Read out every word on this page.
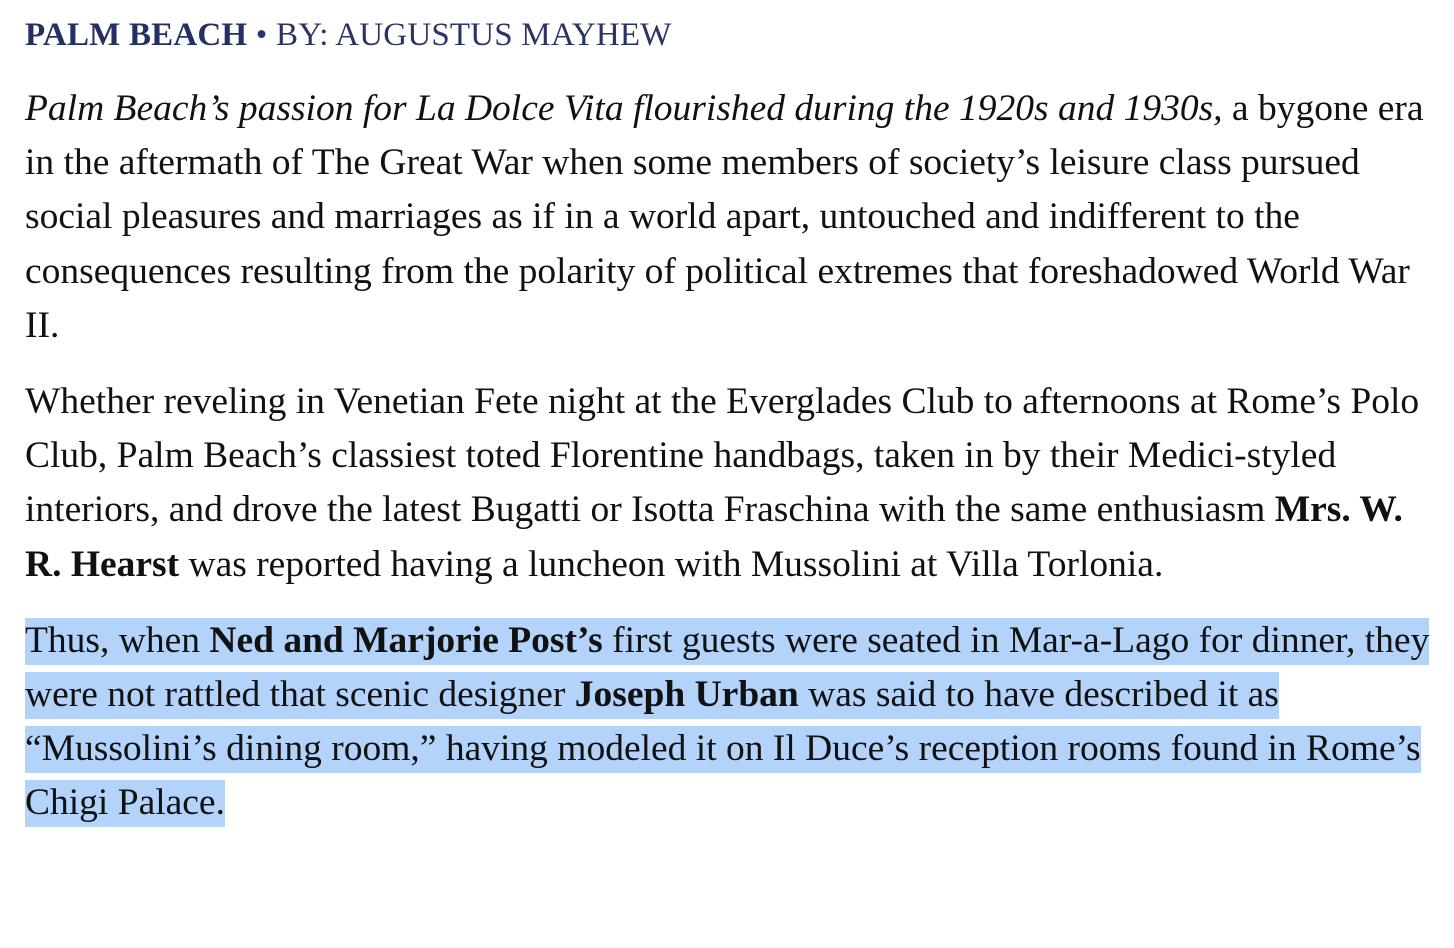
PALM BEACH • BY: AUGUSTUS MAYHEW

Palm Beach’s passion for La Dolce Vita flourished during the 1920s and 1930s, a bygone era in the aftermath of The Great War when some members of society’s leisure class pursued social pleasures and marriages as if in a world apart, untouched and indifferent to the consequences resulting from the polarity of political extremes that foreshadowed World War II.

Whether reveling in Venetian Fete night at the Everglades Club to afternoons at Rome’s Polo Club, Palm Beach’s classiest toted Florentine handbags, taken in by their Medici-styled interiors, and drove the latest Bugatti or Isotta Fraschina with the same enthusiasm Mrs. W. R. Hearst was reported having a luncheon with Mussolini at Villa Torlonia.

Thus, when Ned and Marjorie Post’s first guests were seated in Mar-a-Lago for dinner, they were not rattled that scenic designer Joseph Urban was said to have described it as “Mussolini’s dining room,” having modeled it on Il Duce’s reception rooms found in Rome’s Chigi Palace.
